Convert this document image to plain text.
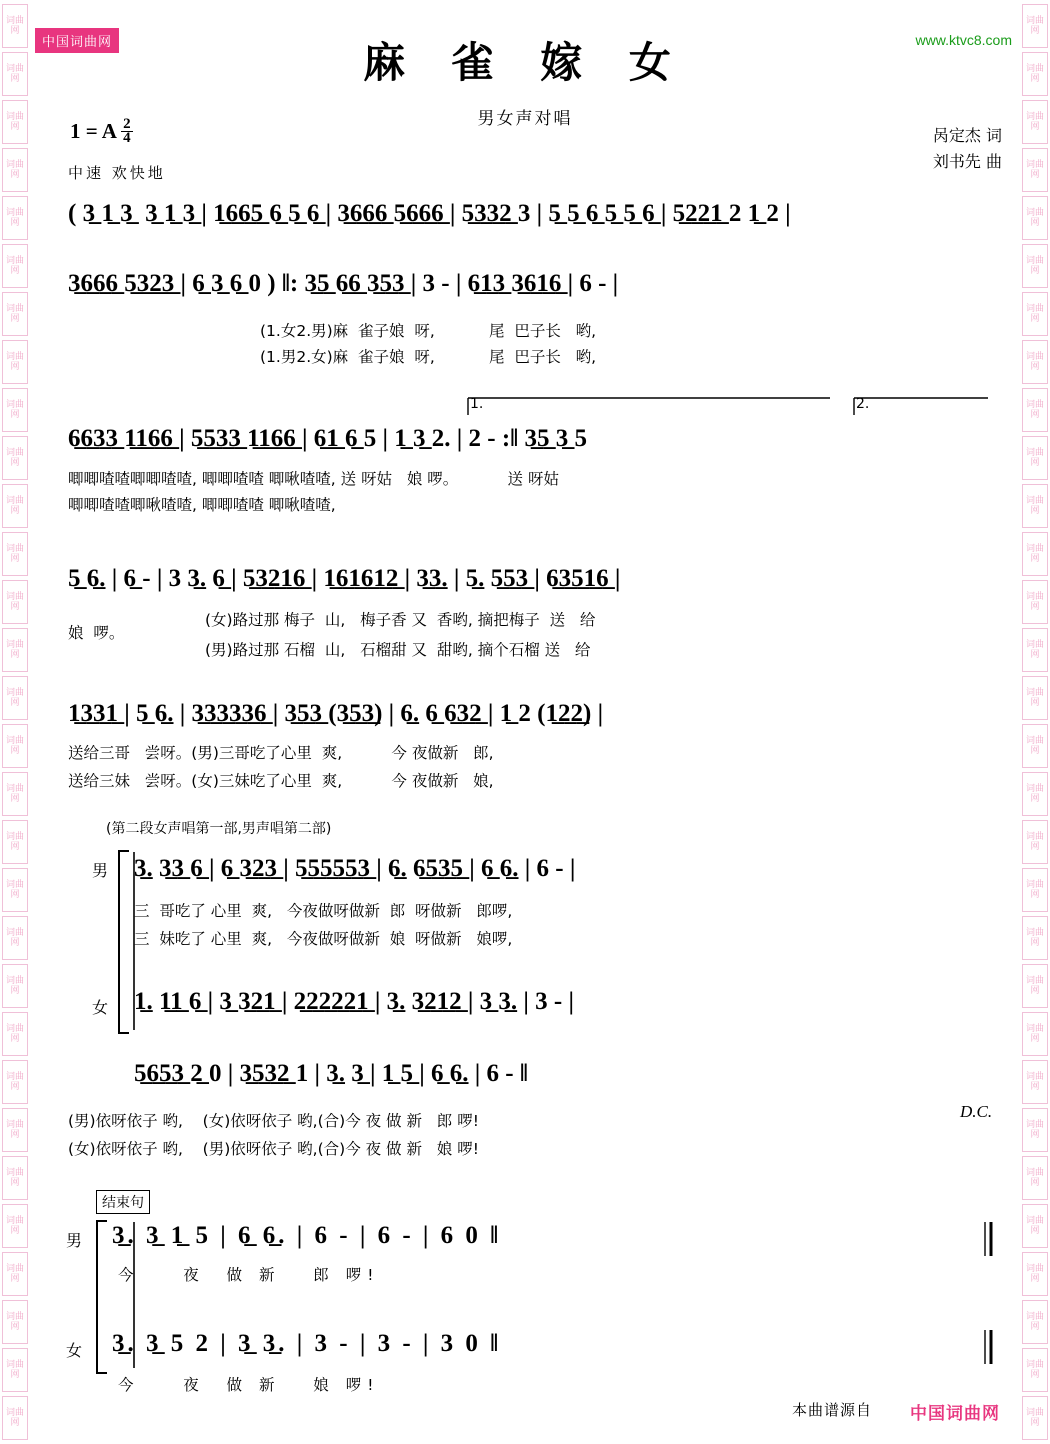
词曲网
词曲网
词曲网
词曲网
词曲网
词曲网
词曲网
词曲网
词曲网
词曲网
词曲网
词曲网
词曲网
词曲网
词曲网
词曲网
词曲网
词曲网
词曲网
词曲网
词曲网
词曲网
词曲网
词曲网
词曲网
词曲网
词曲网
词曲网
词曲网
词曲网
词曲网
词曲网
词曲网
词曲网
词曲网
词曲网
词曲网
词曲网
词曲网
词曲网
词曲网
词曲网
词曲网
词曲网
词曲网
词曲网
词曲网
词曲网
词曲网
词曲网
词曲网
词曲网
词曲网
词曲网
词曲网
词曲网
词曲网
词曲网
词曲网
词曲网
中国词曲网	www.ktvc8.com
麻 雀 嫁 女
男女声对唱
呙定杰 词
刘书先 曲
1 = A $\frac{2}{4}$
中速 欢快地
( 3̲ 1̲ 3̲  3̲ 1̲ 3̲ | 1̲6̲6̲5̲ 6̲ 5̲ 6̲ | 3̲6̲6̲6̲ 5̲6̲6̲6̲ | 5̲3̲3̲2̲ 3 | 5̲ 5̲ 6̲ 5̲ 5̲ 6̲ | 5̲2̲2̲1̲ 2 1̲ 2 |
3̲6̲6̲6̲ 5̲3̲2̲3̲ | 6̲ 3̲ 6̲ 0 ) ‖: 3̲5̲ 6̲6̲ 3̲5̲3̲ | 3 - | 6̲1̲3̲ 3̲6̲1̲6̲ | 6 - |
(1.女2.男)麻  雀子娘  呀,           尾  巴子长   哟,
(1.男2.女)麻  雀子娘  呀,           尾  巴子长   哟,
6̲6̲3̲3̲ 1̲1̲6̲6̲ | 5̲5̲3̲3̲ 1̲1̲6̲6̲ | 6̲1̲ 6̲ 5 | 1̲ 3̲ 2. | 2 - :‖ 3̲5̲ 3̲ 5
1.	2.
唧唧喳喳唧唧喳喳, 唧唧喳喳 唧啾喳喳, 送 呀姑   娘 啰。          送 呀姑
唧唧喳喳唧啾喳喳, 唧唧喳喳 唧啾喳喳,
5̲ 6̲. | 6̲ - | 3 3̲. 6̲ | 5̲3̲2̲1̲6̲ | 1̲6̲1̲6̲1̲2̲ | 3̲3̲. | 5̲. 5̲5̲3̲ | 6̲3̲5̲1̲6̲ |
娘  啰。
(女)路过那 梅子  山,   梅子香 又  香哟, 摘把梅子  送   给
(男)路过那 石榴  山,   石榴甜 又  甜哟, 摘个石榴 送   给
1̲3̲3̲1̲ | 5̲ 6̲. | 3̲3̲3̲3̲3̲6̲ | 3̲5̲3̲ (3̲5̲3̲) | 6̲. 6̲ 6̲3̲2̲ | 1̲ 2 (1̲2̲2̲) |
送给三哥   尝呀。(男)三哥吃了心里  爽,          今 夜做新   郎,
送给三妹   尝呀。(女)三妹吃了心里  爽,          今 夜做新   娘,
(第二段女声唱第一部,男声唱第二部)
男
女
3̲. 3̲3̲ 6̲ | 6̲ 3̲2̲3̲ | 5̲5̲5̲5̲5̲3̲ | 6̲. 6̲5̲3̲5̲ | 6̲ 6̲. | 6 - |
三  哥吃了 心里  爽,   今夜做呀做新  郎  呀做新   郎啰,
三  妹吃了 心里  爽,   今夜做呀做新  娘  呀做新   娘啰,
1̲. 1̲1̲ 6̲ | 3̲ 3̲2̲1̲ | 2̲2̲2̲2̲2̲1̲ | 3̲. 3̲2̲1̲2̲ | 3̲ 3̲. | 3 - |
5̲6̲5̲3̲ 2̲ 0 | 3̲5̲3̲2̲ 1 | 3̲. 3̲ | 1̲ 5̲ | 6̲ 6̲. | 6 - ‖
D.C.
(男)依呀依子 哟,    (女)依呀依子 哟,(合)今 夜 做 新   郎 啰!
(女)依呀依子 哟,    (男)依呀依子 哟,(合)今 夜 做 新   娘 啰!
结束句
男
女
3̲. 3̲ 1̲ 5 | 6̲ 6̲. | 6 - | 6 - | 6 0 ‖
今    夜  做 新   郎 啰!
3̲. 3̲ 5 2 | 3̲ 3̲. | 3 - | 3 - | 3 0 ‖
今    夜  做 新   娘 啰!
本曲谱源自 中国词曲网
